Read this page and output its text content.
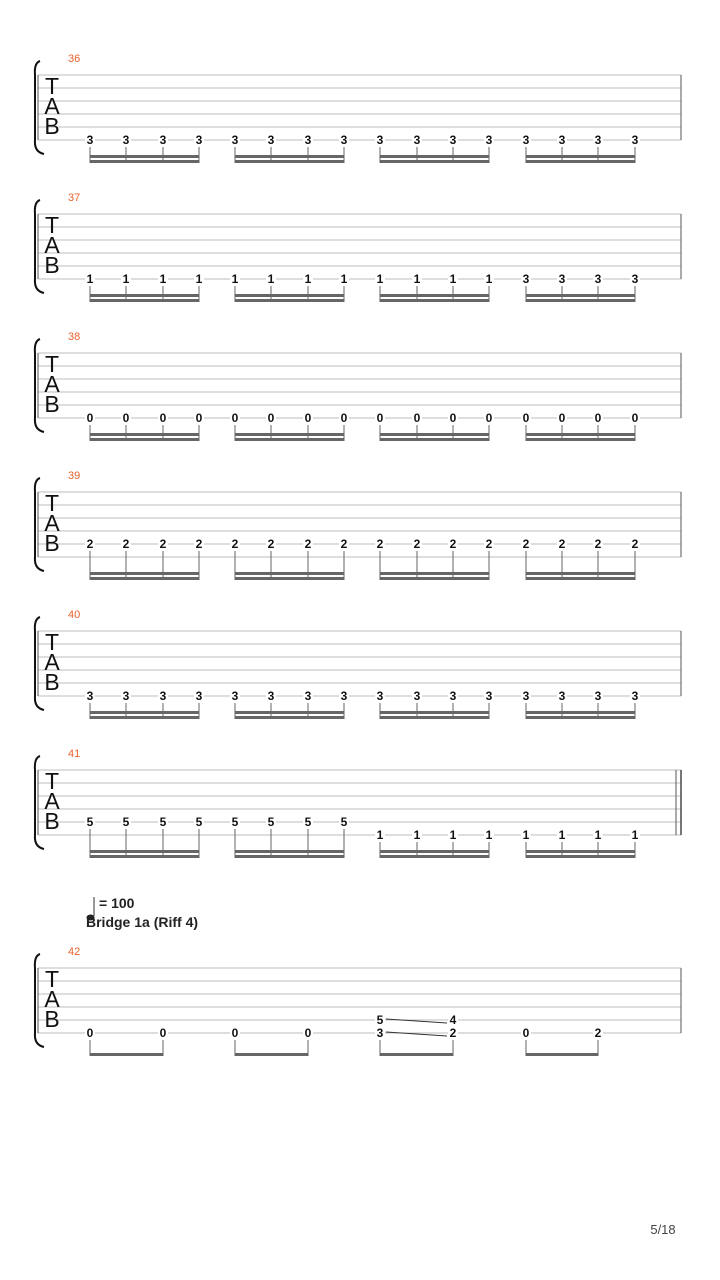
T
A
B
36
3 3	3 3 3 3	3 3 3	3 3 3	3 3 3	3
T
A
B
37
1 1	1 1 1 1	1 1 1	1 1 1	3 3 3	3
T
A
B
38
0 0	0 0 0 0	0 0 0	0 0 0	0 0 0	0
T
A
B
39
2 2	2 2 2 2	2 2 2	2 2 2	2 2 2	2
T
A
B
40
3 3	3 3 3 3	3 3 3	3 3 3	3 3 3	3
T
A
B
41
5 5	5 5 5 5	5 5
1	1 1 1	1 1 1	1
= 100
Bridge 1a (Riff 4)
T
A
B
42
0	0	0	0
5
3
4
2	0	2
5/18
